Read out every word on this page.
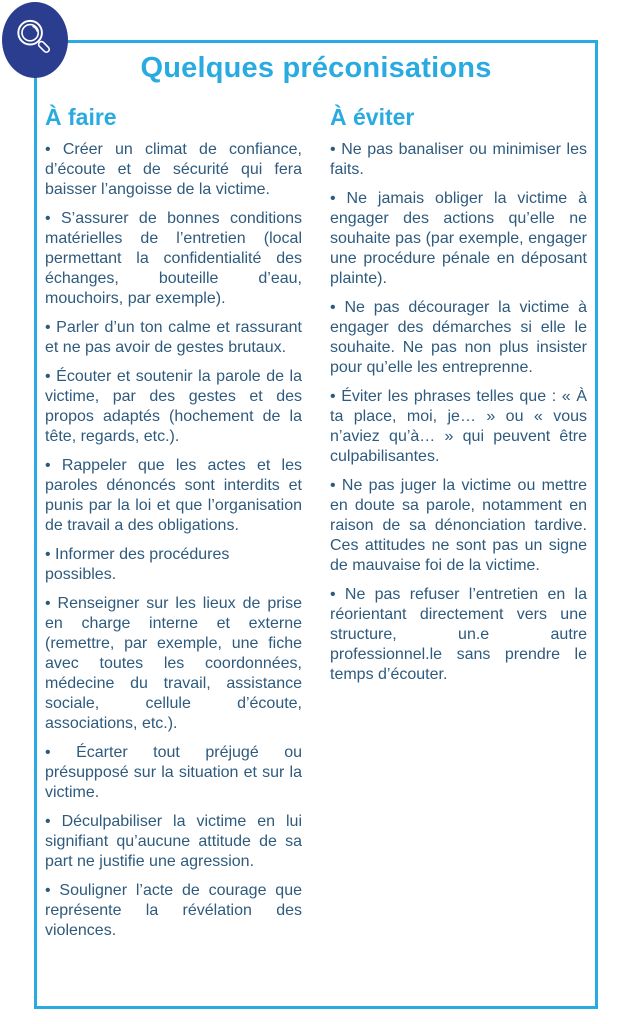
Quelques préconisations
À faire

• Créer un climat de confiance, d’écoute et de sécurité qui fera baisser l’angoisse de la victime.

• S’assurer de bonnes conditions matérielles de l’entretien (local permettant la confidentialité des échanges, bouteille d’eau, mouchoirs, par exemple).

• Parler d’un ton calme et rassurant et ne pas avoir de gestes brutaux.

• Écouter et soutenir la parole de la victime, par des gestes et des propos adaptés (hochement de la tête, regards, etc.).

• Rappeler que les actes et les paroles dénoncés sont interdits et punis par la loi et que l’organisation de travail a des obligations.

• Informer des procédures possibles.

• Renseigner sur les lieux de prise en charge interne et externe (remettre, par exemple, une fiche avec toutes les coordonnées, médecine du travail, assistance sociale, cellule d’écoute, associations, etc.).

• Écarter tout préjugé ou présupposé sur la situation et sur la victime.

• Déculpabiliser la victime en lui signifiant qu’aucune attitude de sa part ne justifie une agression.

• Souligner l’acte de courage que représente la révélation des violences.

À éviter

• Ne pas banaliser ou minimiser les faits.

• Ne jamais obliger la victime à engager des actions qu’elle ne souhaite pas (par exemple, engager une procédure pénale en déposant plainte).

• Ne pas décourager la victime à engager des démarches si elle le souhaite. Ne pas non plus insister pour qu’elle les entreprenne.

• Éviter les phrases telles que : « À ta place, moi, je… » ou « vous n’aviez qu’à… » qui peuvent être culpabilisantes.

• Ne pas juger la victime ou mettre en doute sa parole, notamment en raison de sa dénonciation tardive. Ces attitudes ne sont pas un signe de mauvaise foi de la victime.

• Ne pas refuser l’entretien en la réorientant directement vers une structure, un.e autre professionnel.le sans prendre le temps d’écouter.
